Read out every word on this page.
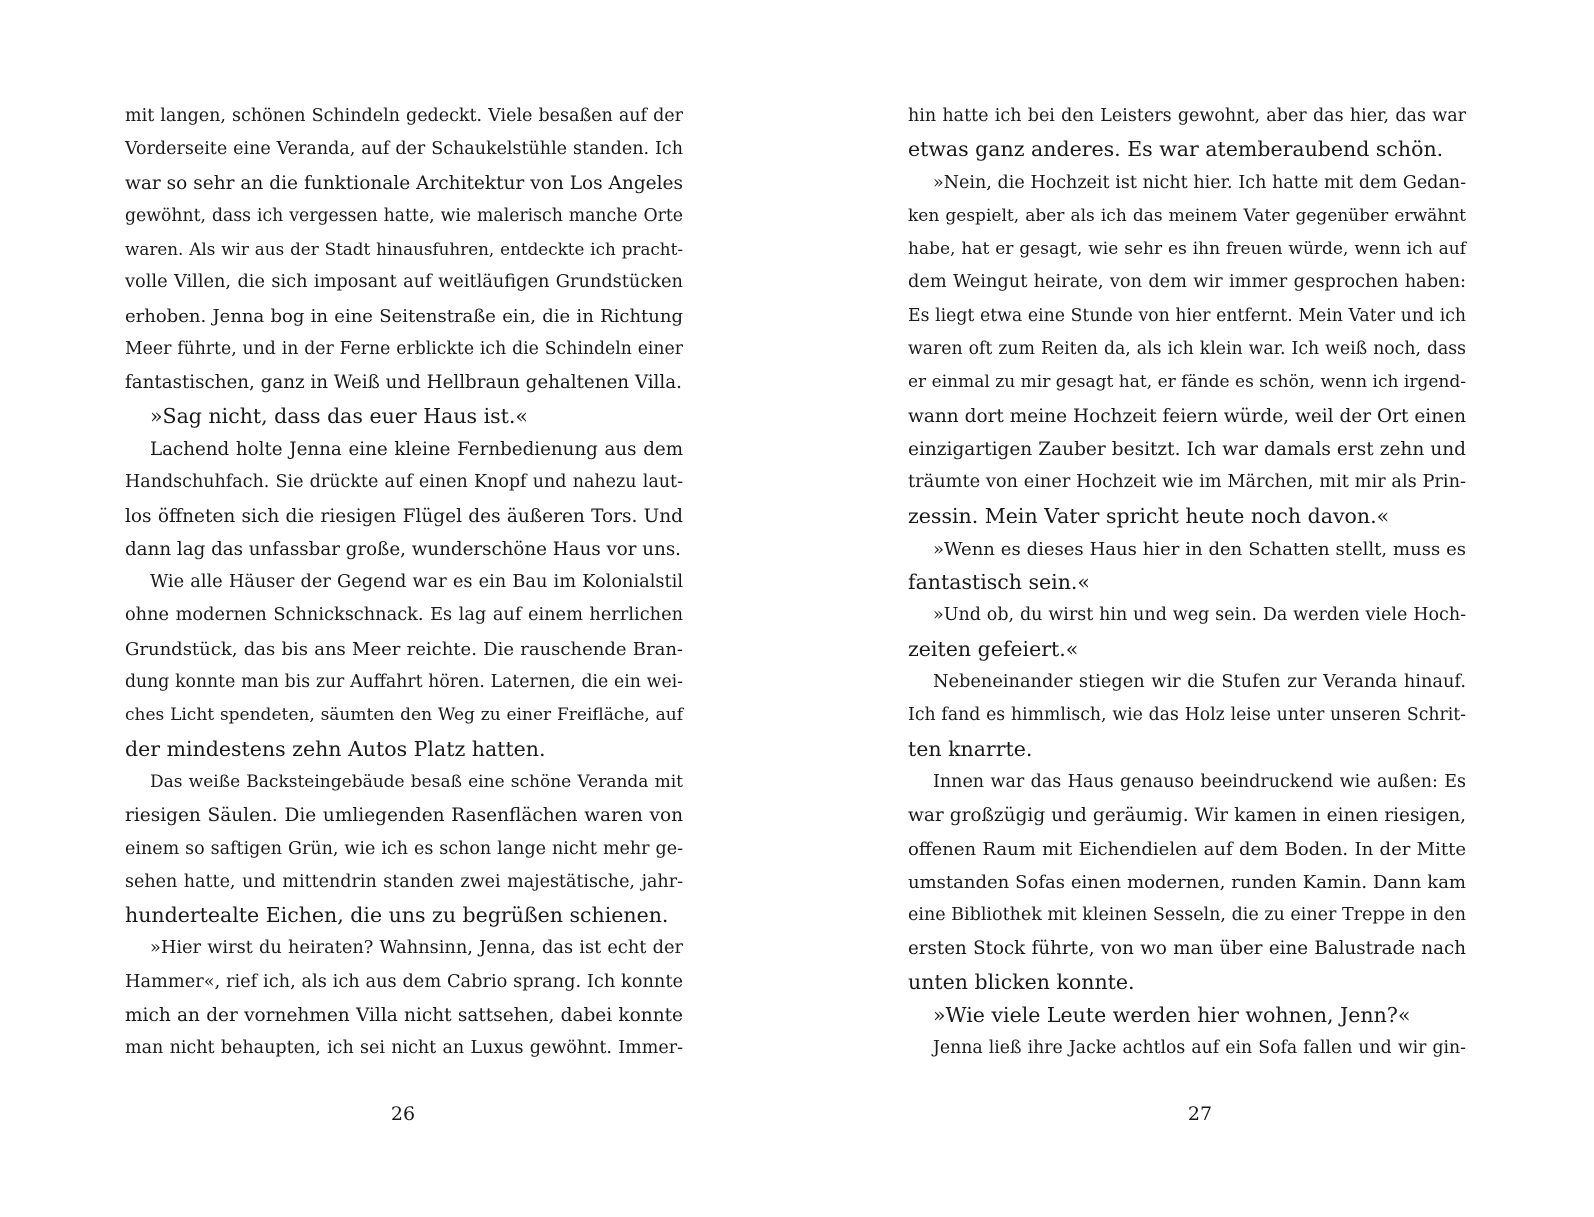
mit langen, schönen Schindeln gedeckt. Viele besaßen auf der
Vorderseite eine Veranda, auf der Schaukelstühle standen. Ich
war so sehr an die funktionale Architektur von Los Angeles
gewöhnt, dass ich vergessen hatte, wie malerisch manche Orte
waren. Als wir aus der Stadt hinausfuhren, entdeckte ich pracht-
volle Villen, die sich imposant auf weitläufigen Grundstücken
erhoben. Jenna bog in eine Seitenstraße ein, die in Richtung
Meer führte, und in der Ferne erblickte ich die Schindeln einer
fantastischen, ganz in Weiß und Hellbraun gehaltenen Villa.
»Sag nicht, dass das euer Haus ist.«
Lachend holte Jenna eine kleine Fernbedienung aus dem
Handschuhfach. Sie drückte auf einen Knopf und nahezu laut-
los öffneten sich die riesigen Flügel des äußeren Tors. Und
dann lag das unfassbar große, wunderschöne Haus vor uns.
Wie alle Häuser der Gegend war es ein Bau im Kolonialstil
ohne modernen Schnickschnack. Es lag auf einem herrlichen
Grundstück, das bis ans Meer reichte. Die rauschende Bran-
dung konnte man bis zur Auffahrt hören. Laternen, die ein wei-
ches Licht spendeten, säumten den Weg zu einer Freifläche, auf
der mindestens zehn Autos Platz hatten.
Das weiße Backsteingebäude besaß eine schöne Veranda mit
riesigen Säulen. Die umliegenden Rasenflächen waren von
einem so saftigen Grün, wie ich es schon lange nicht mehr ge-
sehen hatte, und mittendrin standen zwei majestätische, jahr-
hundertealte Eichen, die uns zu begrüßen schienen.
»Hier wirst du heiraten? Wahnsinn, Jenna, das ist echt der
Hammer«, rief ich, als ich aus dem Cabrio sprang. Ich konnte
mich an der vornehmen Villa nicht sattsehen, dabei konnte
man nicht behaupten, ich sei nicht an Luxus gewöhnt. Immer-
26
hin hatte ich bei den Leisters gewohnt, aber das hier, das war
etwas ganz anderes. Es war atemberaubend schön.
»Nein, die Hochzeit ist nicht hier. Ich hatte mit dem Gedan-
ken gespielt, aber als ich das meinem Vater gegenüber erwähnt
habe, hat er gesagt, wie sehr es ihn freuen würde, wenn ich auf
dem Weingut heirate, von dem wir immer gesprochen haben:
Es liegt etwa eine Stunde von hier entfernt. Mein Vater und ich
waren oft zum Reiten da, als ich klein war. Ich weiß noch, dass
er einmal zu mir gesagt hat, er fände es schön, wenn ich irgend-
wann dort meine Hochzeit feiern würde, weil der Ort einen
einzigartigen Zauber besitzt. Ich war damals erst zehn und
träumte von einer Hochzeit wie im Märchen, mit mir als Prin-
zessin. Mein Vater spricht heute noch davon.«
»Wenn es dieses Haus hier in den Schatten stellt, muss es
fantastisch sein.«
»Und ob, du wirst hin und weg sein. Da werden viele Hoch-
zeiten gefeiert.«
Nebeneinander stiegen wir die Stufen zur Veranda hinauf.
Ich fand es himmlisch, wie das Holz leise unter unseren Schrit-
ten knarrte.
Innen war das Haus genauso beeindruckend wie außen: Es
war großzügig und geräumig. Wir kamen in einen riesigen,
offenen Raum mit Eichendielen auf dem Boden. In der Mitte
umstanden Sofas einen modernen, runden Kamin. Dann kam
eine Bibliothek mit kleinen Sesseln, die zu einer Treppe in den
ersten Stock führte, von wo man über eine Balustrade nach
unten blicken konnte.
»Wie viele Leute werden hier wohnen, Jenn?«
Jenna ließ ihre Jacke achtlos auf ein Sofa fallen und wir gin-
27
